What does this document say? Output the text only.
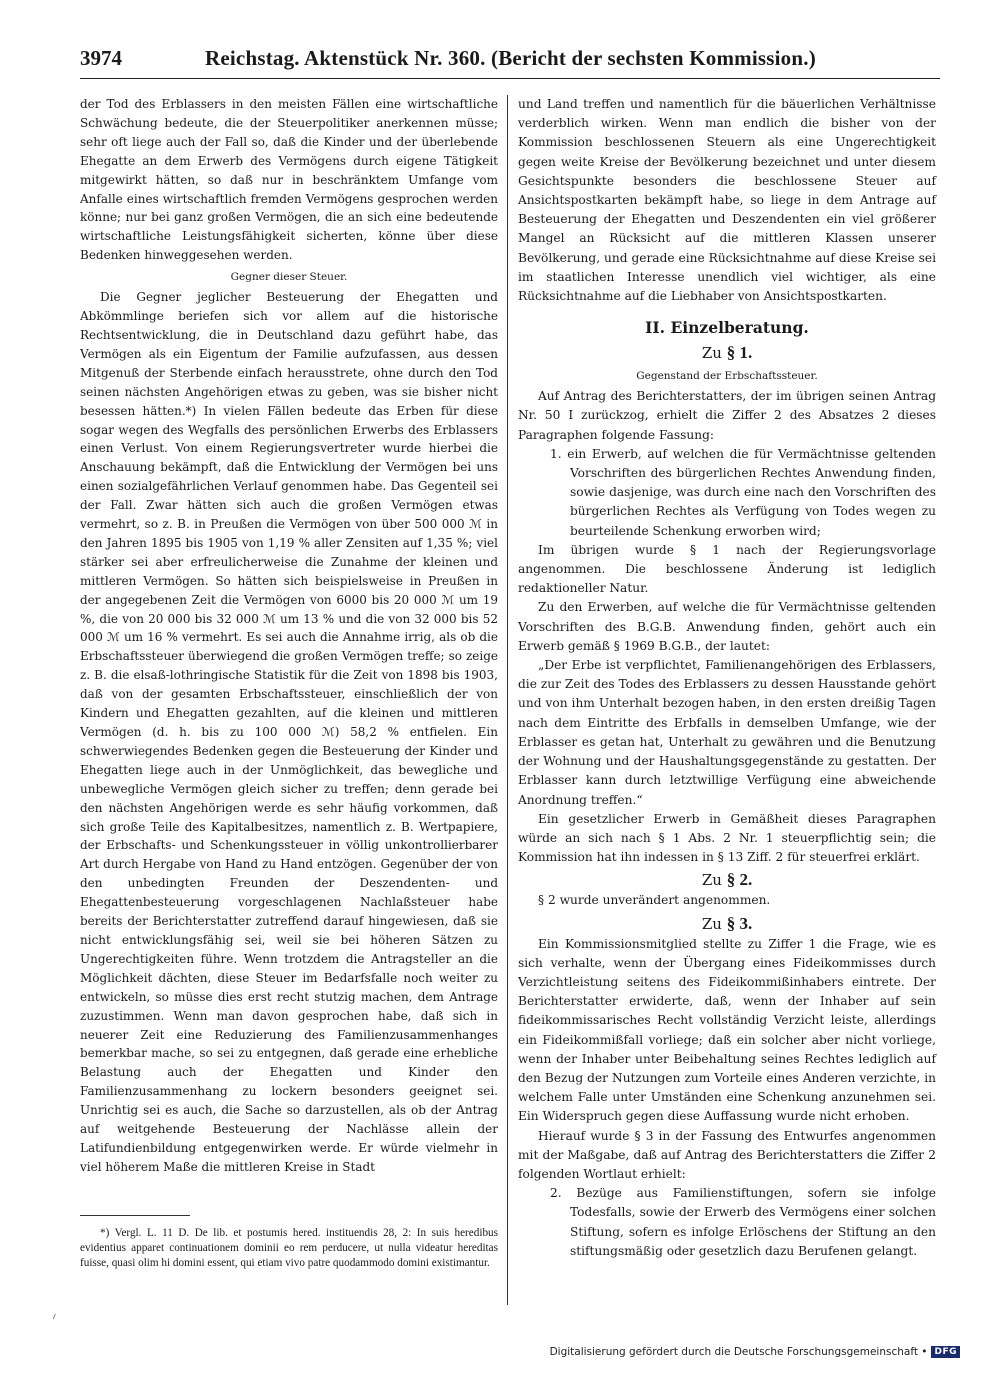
3974	Reichstag. Aktenstück Nr. 360. (Bericht der sechsten Kommission.)

der Tod des Erblassers in den meisten Fällen eine wirtschaftliche Schwächung bedeute, die der Steuerpolitiker anerkennen müsse; sehr oft liege auch der Fall so, daß die Kinder und der überlebende Ehegatte an dem Erwerb des Vermögens durch eigene Tätigkeit mitgewirkt hätten, so daß nur in beschränktem Umfange vom Anfalle eines wirtschaftlich fremden Vermögens gesprochen werden könne; nur bei ganz großen Vermögen, die an sich eine bedeutende wirtschaftliche Leistungsfähigkeit sicherten, könne über diese Bedenken hinweggesehen werden.

Gegner dieser Steuer.

Die Gegner jeglicher Besteuerung der Ehegatten und Abkömmlinge beriefen sich vor allem auf die historische Rechtsentwicklung, die in Deutschland dazu geführt habe, das Vermögen als ein Eigentum der Familie aufzufassen, aus dessen Mitgenuß der Sterbende einfach herausstrete, ohne durch den Tod seinen nächsten Angehörigen etwas zu geben, was sie bisher nicht besessen hätten.*) In vielen Fällen bedeute das Erben für diese sogar wegen des Wegfalls des persönlichen Erwerbs des Erblassers einen Verlust. Von einem Regierungsvertreter wurde hierbei die Anschauung bekämpft, daß die Entwicklung der Vermögen bei uns einen sozialgefährlichen Verlauf genommen habe. Das Gegenteil sei der Fall. Zwar hätten sich auch die großen Vermögen etwas vermehrt, so z. B. in Preußen die Vermögen von über 500 000 ℳ in den Jahren 1895 bis 1905 von 1,19 % aller Zensiten auf 1,35 %; viel stärker sei aber erfreulicherweise die Zunahme der kleinen und mittleren Vermögen. So hätten sich beispielsweise in Preußen in der angegebenen Zeit die Vermögen von 6000 bis 20 000 ℳ um 19 %, die von 20 000 bis 32 000 ℳ um 13 % und die von 32 000 bis 52 000 ℳ um 16 % vermehrt. Es sei auch die Annahme irrig, als ob die Erbschaftssteuer überwiegend die großen Vermögen treffe; so zeige z. B. die elsaß-lothringische Statistik für die Zeit von 1898 bis 1903, daß von der gesamten Erbschaftssteuer, einschließlich der von Kindern und Ehegatten gezahlten, auf die kleinen und mittleren Vermögen (d. h. bis zu 100 000 ℳ) 58,2 % entfielen. Ein schwerwiegendes Bedenken gegen die Besteuerung der Kinder und Ehegatten liege auch in der Unmöglichkeit, das bewegliche und unbewegliche Vermögen gleich sicher zu treffen; denn gerade bei den nächsten Angehörigen werde es sehr häufig vorkommen, daß sich große Teile des Kapitalbesitzes, namentlich z. B. Wertpapiere, der Erbschafts- und Schenkungssteuer in völlig unkontrollierbarer Art durch Hergabe von Hand zu Hand entzögen. Gegenüber der von den unbedingten Freunden der Deszendenten- und Ehegattenbesteuerung vorgeschlagenen Nachlaßsteuer habe bereits der Berichterstatter zutreffend darauf hingewiesen, daß sie nicht entwicklungsfähig sei, weil sie bei höheren Sätzen zu Ungerechtigkeiten führe. Wenn trotzdem die Antragsteller an die Möglichkeit dächten, diese Steuer im Bedarfsfalle noch weiter zu entwickeln, so müsse dies erst recht stutzig machen, dem Antrage zuzustimmen. Wenn man davon gesprochen habe, daß sich in neuerer Zeit eine Reduzierung des Familienzusammenhanges bemerkbar mache, so sei zu entgegnen, daß gerade eine erhebliche Belastung auch der Ehegatten und Kinder den Familienzusammenhang zu lockern besonders geeignet sei. Unrichtig sei es auch, die Sache so darzustellen, als ob der Antrag auf weitgehende Besteuerung der Nachlässe allein der Latifundienbildung entgegenwirken werde. Er würde vielmehr in viel höherem Maße die mittleren Kreise in Stadt

*) Vergl. L. 11 D. De lib. et postumis hered. instituendis 28, 2: In suis heredibus evidentius apparet continuationem dominii eo rem perducere, ut nulla videatur hereditas fuisse, quasi olim hi domini essent, qui etiam vivo patre quodammodo domini existimantur.

und Land treffen und namentlich für die bäuerlichen Verhältnisse verderblich wirken. Wenn man endlich die bisher von der Kommission beschlossenen Steuern als eine Ungerechtigkeit gegen weite Kreise der Bevölkerung bezeichnet und unter diesem Gesichtspunkte besonders die beschlossene Steuer auf Ansichtspostkarten bekämpft habe, so liege in dem Antrage auf Besteuerung der Ehegatten und Deszendenten ein viel größerer Mangel an Rücksicht auf die mittleren Klassen unserer Bevölkerung, und gerade eine Rücksichtnahme auf diese Kreise sei im staatlichen Interesse unendlich viel wichtiger, als eine Rücksichtnahme auf die Liebhaber von Ansichtspostkarten.

II. Einzelberatung.

Zu § 1.

Gegenstand der Erbschaftssteuer.

Auf Antrag des Berichterstatters, der im übrigen seinen Antrag Nr. 50 I zurückzog, erhielt die Ziffer 2 des Absatzes 2 dieses Paragraphen folgende Fassung:

1. ein Erwerb, auf welchen die für Vermächtnisse geltenden Vorschriften des bürgerlichen Rechtes Anwendung finden, sowie dasjenige, was durch eine nach den Vorschriften des bürgerlichen Rechtes als Verfügung von Todes wegen zu beurteilende Schenkung erworben wird;

Im übrigen wurde § 1 nach der Regierungsvorlage angenommen. Die beschlossene Änderung ist lediglich redaktioneller Natur.

Zu den Erwerben, auf welche die für Vermächtnisse geltenden Vorschriften des B.G.B. Anwendung finden, gehört auch ein Erwerb gemäß § 1969 B.G.B., der lautet:

„Der Erbe ist verpflichtet, Familienangehörigen des Erblassers, die zur Zeit des Todes des Erblassers zu dessen Hausstande gehört und von ihm Unterhalt bezogen haben, in den ersten dreißig Tagen nach dem Eintritte des Erbfalls in demselben Umfange, wie der Erblasser es getan hat, Unterhalt zu gewähren und die Benutzung der Wohnung und der Haushaltungsgegenstände zu gestatten. Der Erblasser kann durch letztwillige Verfügung eine abweichende Anordnung treffen.“

Ein gesetzlicher Erwerb in Gemäßheit dieses Paragraphen würde an sich nach § 1 Abs. 2 Nr. 1 steuerpflichtig sein; die Kommission hat ihn indessen in § 13 Ziff. 2 für steuerfrei erklärt.

Zu § 2.

§ 2 wurde unverändert angenommen.

Zu § 3.

Ein Kommissionsmitglied stellte zu Ziffer 1 die Frage, wie es sich verhalte, wenn der Übergang eines Fideikommisses durch Verzichtleistung seitens des Fideikommißinhabers eintrete. Der Berichterstatter erwiderte, daß, wenn der Inhaber auf sein fideikommissarisches Recht vollständig Verzicht leiste, allerdings ein Fideikommißfall vorliege; daß ein solcher aber nicht vorliege, wenn der Inhaber unter Beibehaltung seines Rechtes lediglich auf den Bezug der Nutzungen zum Vorteile eines Anderen verzichte, in welchem Falle unter Umständen eine Schenkung anzunehmen sei. Ein Widerspruch gegen diese Auffassung wurde nicht erhoben.

Hierauf wurde § 3 in der Fassung des Entwurfes angenommen mit der Maßgabe, daß auf Antrag des Berichterstatters die Ziffer 2 folgenden Wortlaut erhielt:

2. Bezüge aus Familienstiftungen, sofern sie infolge Todesfalls, sowie der Erwerb des Vermögens einer solchen Stiftung, sofern es infolge Erlöschens der Stiftung an den stiftungsmäßig oder gesetzlich dazu Berufenen gelangt.

⸝
Digitalisierung gefördert durch die Deutsche Forschungsgemeinschaft • DFG
